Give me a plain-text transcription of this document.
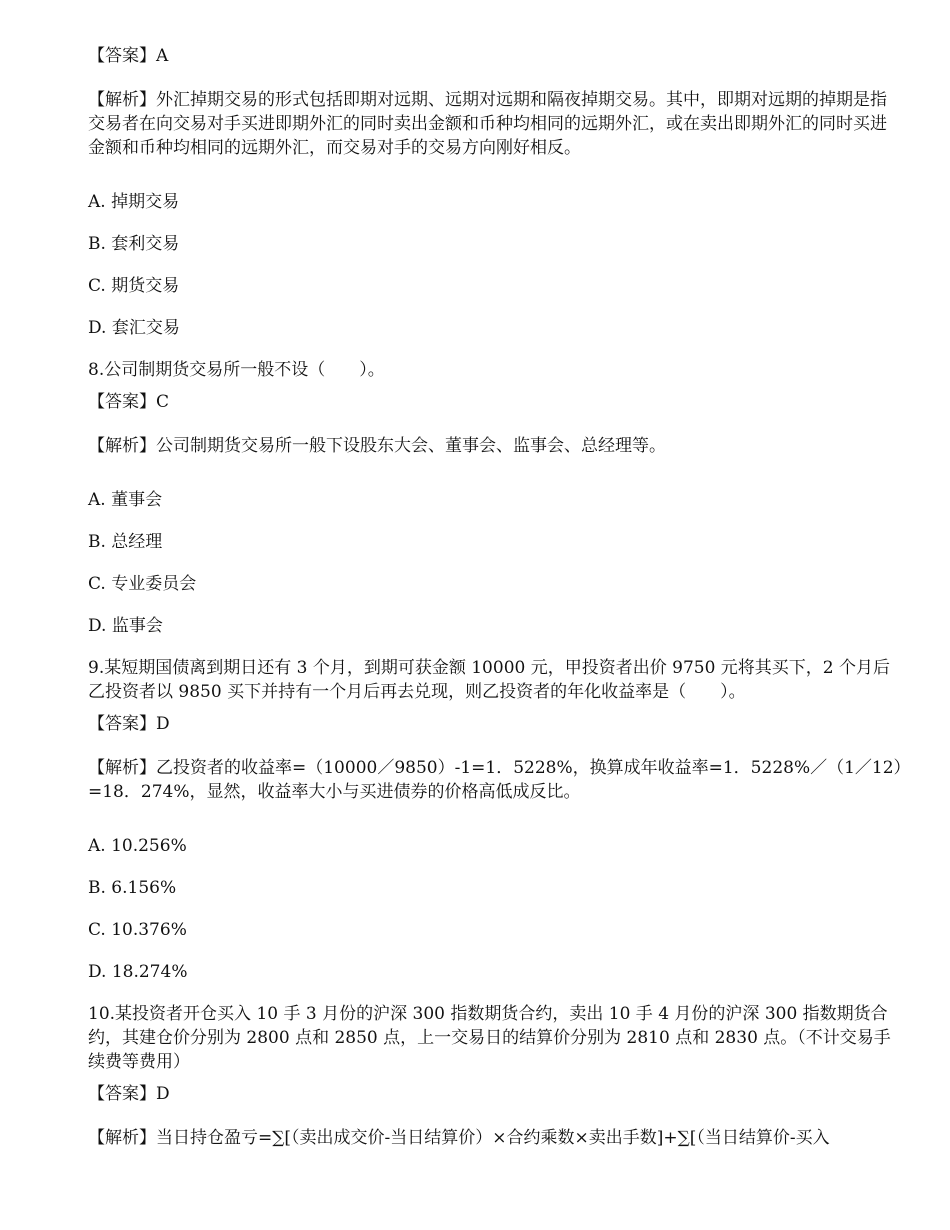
【答案】A

【解析】外汇掉期交易的形式包括即期对远期、远期对远期和隔夜掉期交易。其中，即期对远期的掉期是指交易者在向交易对手买进即期外汇的同时卖出金额和币种均相同的远期外汇，或在卖出即期外汇的同时买进金额和币种均相同的远期外汇，而交易对手的交易方向刚好相反。

A. 掉期交易

B. 套利交易

C. 期货交易

D. 套汇交易

8.公司制期货交易所一般不设（　　）。

【答案】C

【解析】公司制期货交易所一般下设股东大会、董事会、监事会、总经理等。

A. 董事会

B. 总经理

C. 专业委员会

D. 监事会

9.某短期国债离到期日还有 3 个月，到期可获金额 10000 元，甲投资者出价 9750 元将其买下，2 个月后乙投资者以 9850 买下并持有一个月后再去兑现，则乙投资者的年化收益率是（　　）。

【答案】D

【解析】乙投资者的收益率=（10000／9850）-1=1．5228%，换算成年收益率=1．5228%／（1／12）=18．274%，显然，收益率大小与买进债券的价格高低成反比。

A. 10.256%

B. 6.156%

C. 10.376%

D. 18.274%

10.某投资者开仓买入 10 手 3 月份的沪深 300 指数期货合约，卖出 10 手 4 月份的沪深 300 指数期货合约，其建仓价分别为 2800 点和 2850 点，上一交易日的结算价分别为 2810 点和 2830 点。（不计交易手续费等费用）

【答案】D

【解析】当日持仓盈亏=∑[（卖出成交价-当日结算价）×合约乘数×卖出手数]+∑[（当日结算价-买入
